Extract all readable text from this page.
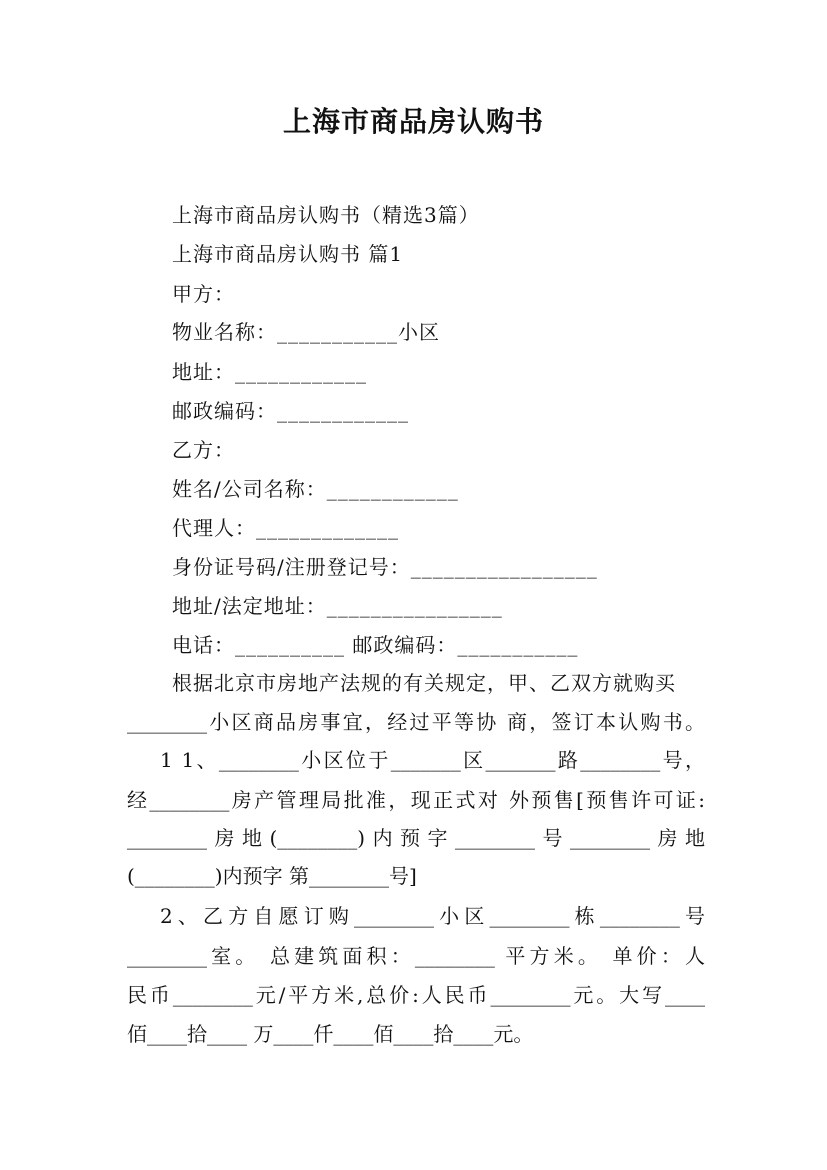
上海市商品房认购书
上海市商品房认购书（精选3篇）
上海市商品房认购书 篇1
甲方：
物业名称：___________小区
地址：____________
邮政编码：____________
乙方：
姓名/公司名称：____________
代理人：_____________
身份证号码/注册登记号：_________________
地址/法定地址：________________
电话：__________ 邮政编码：___________
根据北京市房地产法规的有关规定，甲、乙双方就购买
________小区商品房事宜，经过平等协 商，签订本认购书。
1 1、________小区位于_______区_______路________号，
经________房产管理局批准，现正式对 外预售[预售许可证:
________房地(________)内预字________号________房地
(________)内预字 第________号]
2、乙方自愿订购________小区________栋________号
________室。 总建筑面积：________ 平方米。 单价：人
民币________元/平方米,总价:人民币________元。大写____
佰____拾____ 万____仟____佰____拾____元。
